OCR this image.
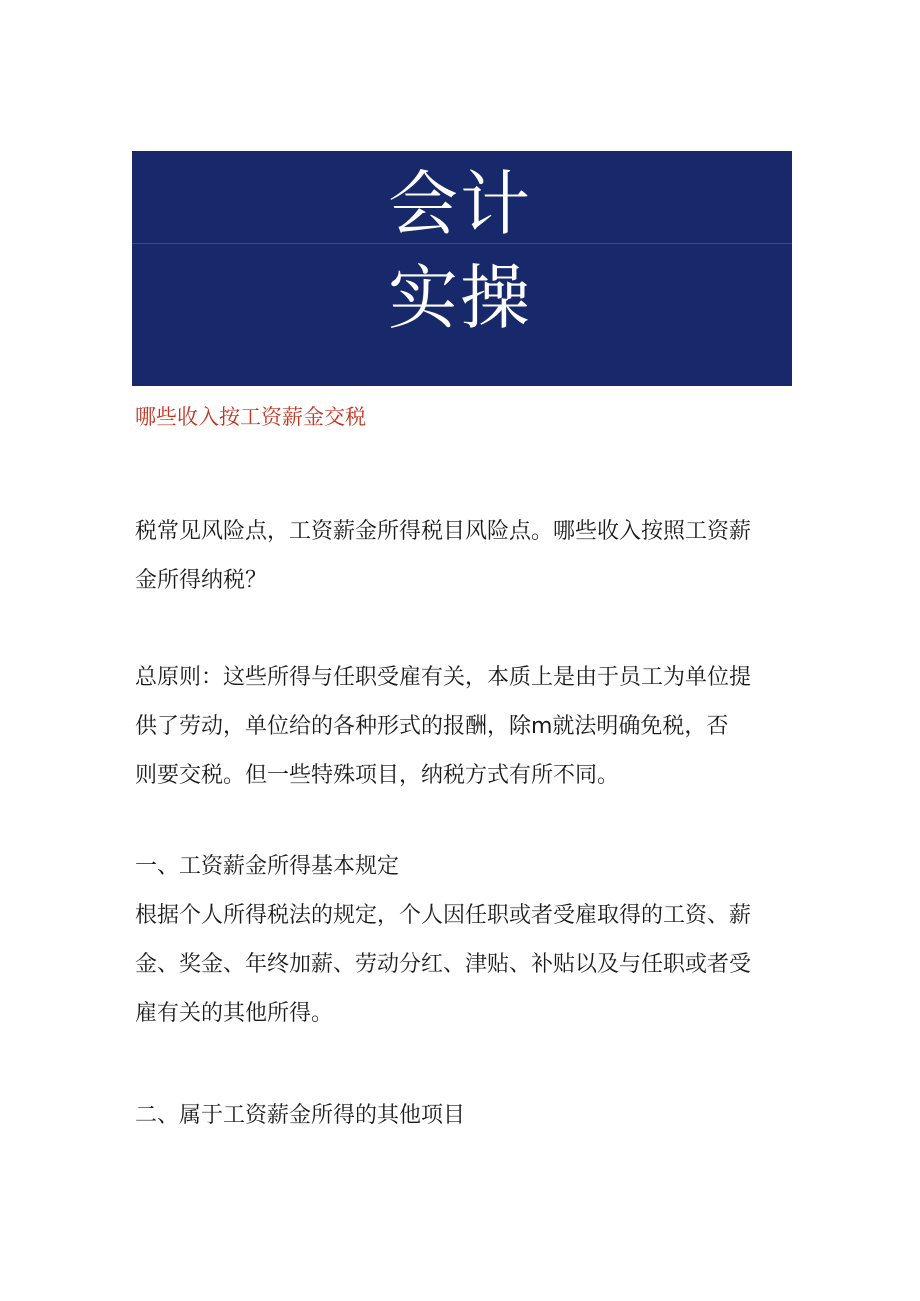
会计
实操
哪些收入按工资薪金交税

税常见风险点，工资薪金所得税目风险点。哪些收入按照工资薪
金所得纳税？

总原则：这些所得与任职受雇有关，本质上是由于员工为单位提
供了劳动，单位给的各种形式的报酬，除m就法明确免税，否
则要交税。但一些特殊项目，纳税方式有所不同。

一、工资薪金所得基本规定
根据个人所得税法的规定，个人因任职或者受雇取得的工资、薪
金、奖金、年终加薪、劳动分红、津贴、补贴以及与任职或者受
雇有关的其他所得。

二、属于工资薪金所得的其他项目
